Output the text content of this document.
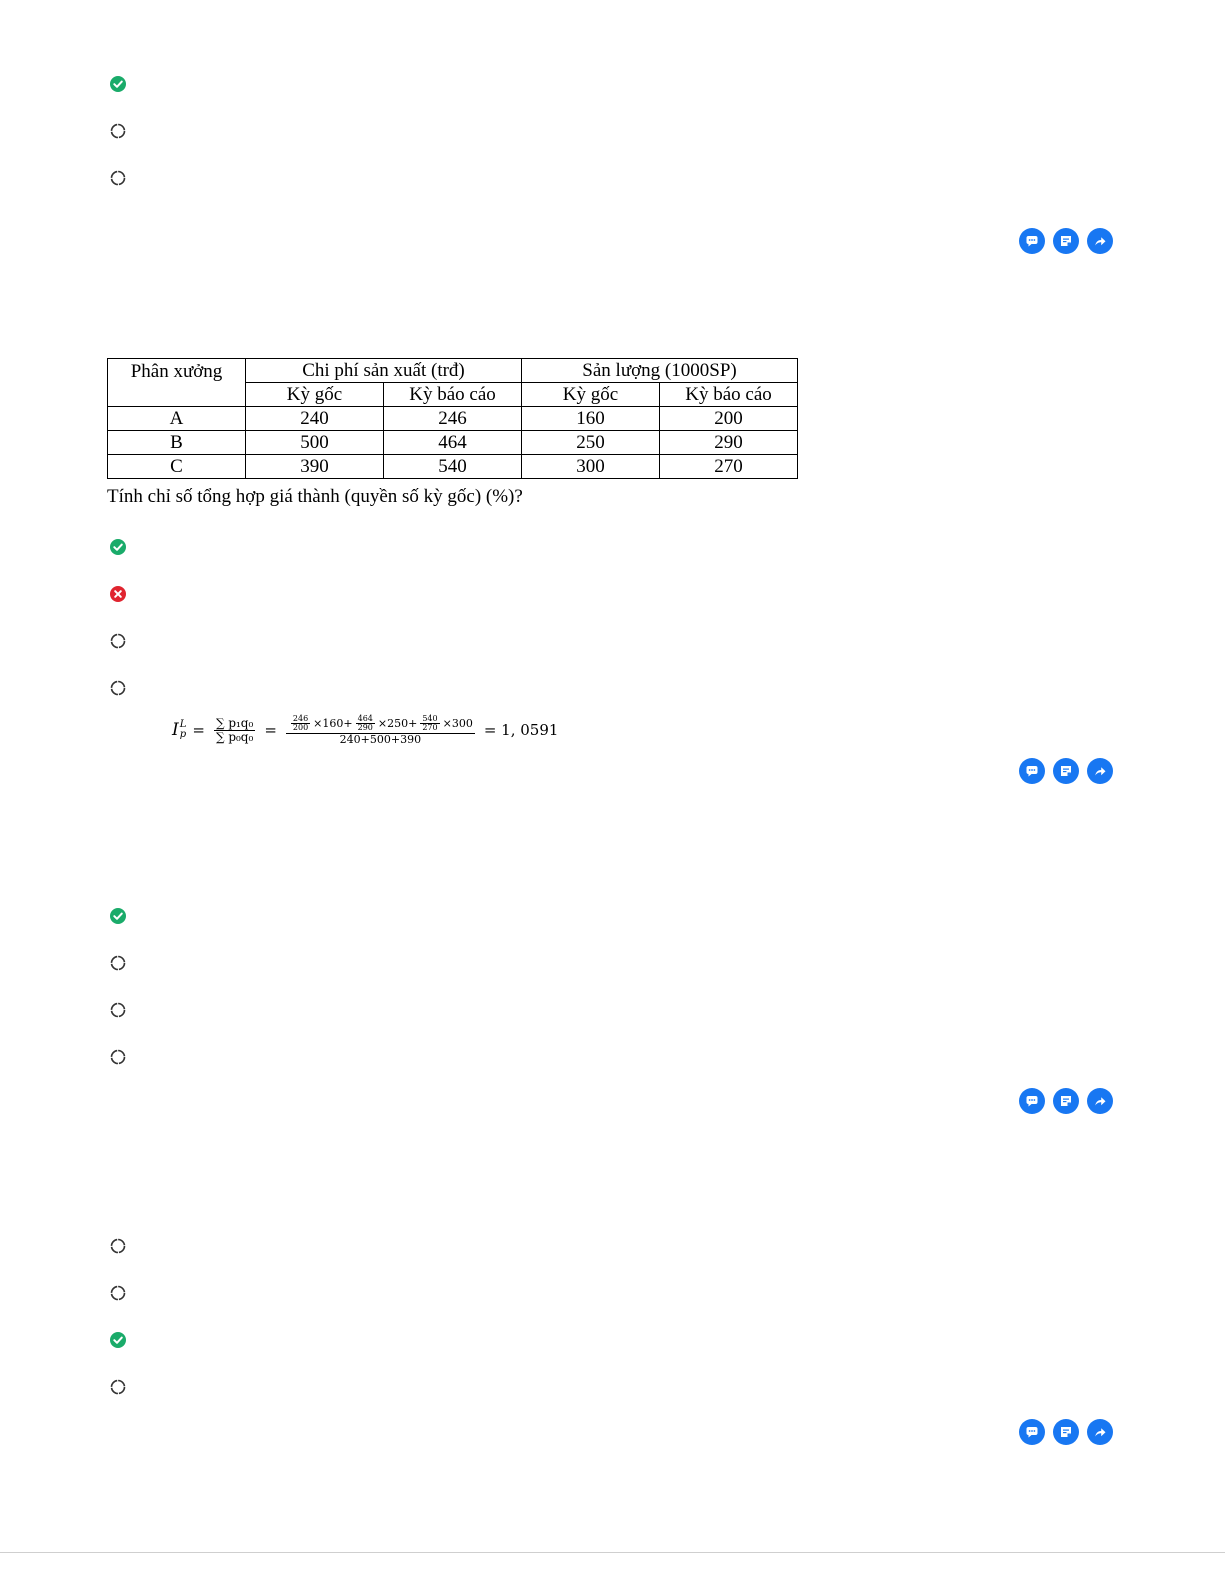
Phân xưởng	Chi phí sản xuất (trđ)		Sản lượng (1000SP)	
	Kỳ gốc	Kỳ báo cáo	Kỳ gốc	Kỳ báo cáo
A	240	246	160	200
B	500	464	250	290
C	390	540	300	270
Tính chỉ số tổng hợp giá thành (quyền số kỳ gốc) (%)?
I L
$p = \frac{\text{∑ p₁q₀}}{\text{∑ p₀q₀}} = \frac{246}{200} \times 160+ \frac{464}{290} \times 250+ \frac{540}{270} \times 300$
240+500+390
= 1, 0591
